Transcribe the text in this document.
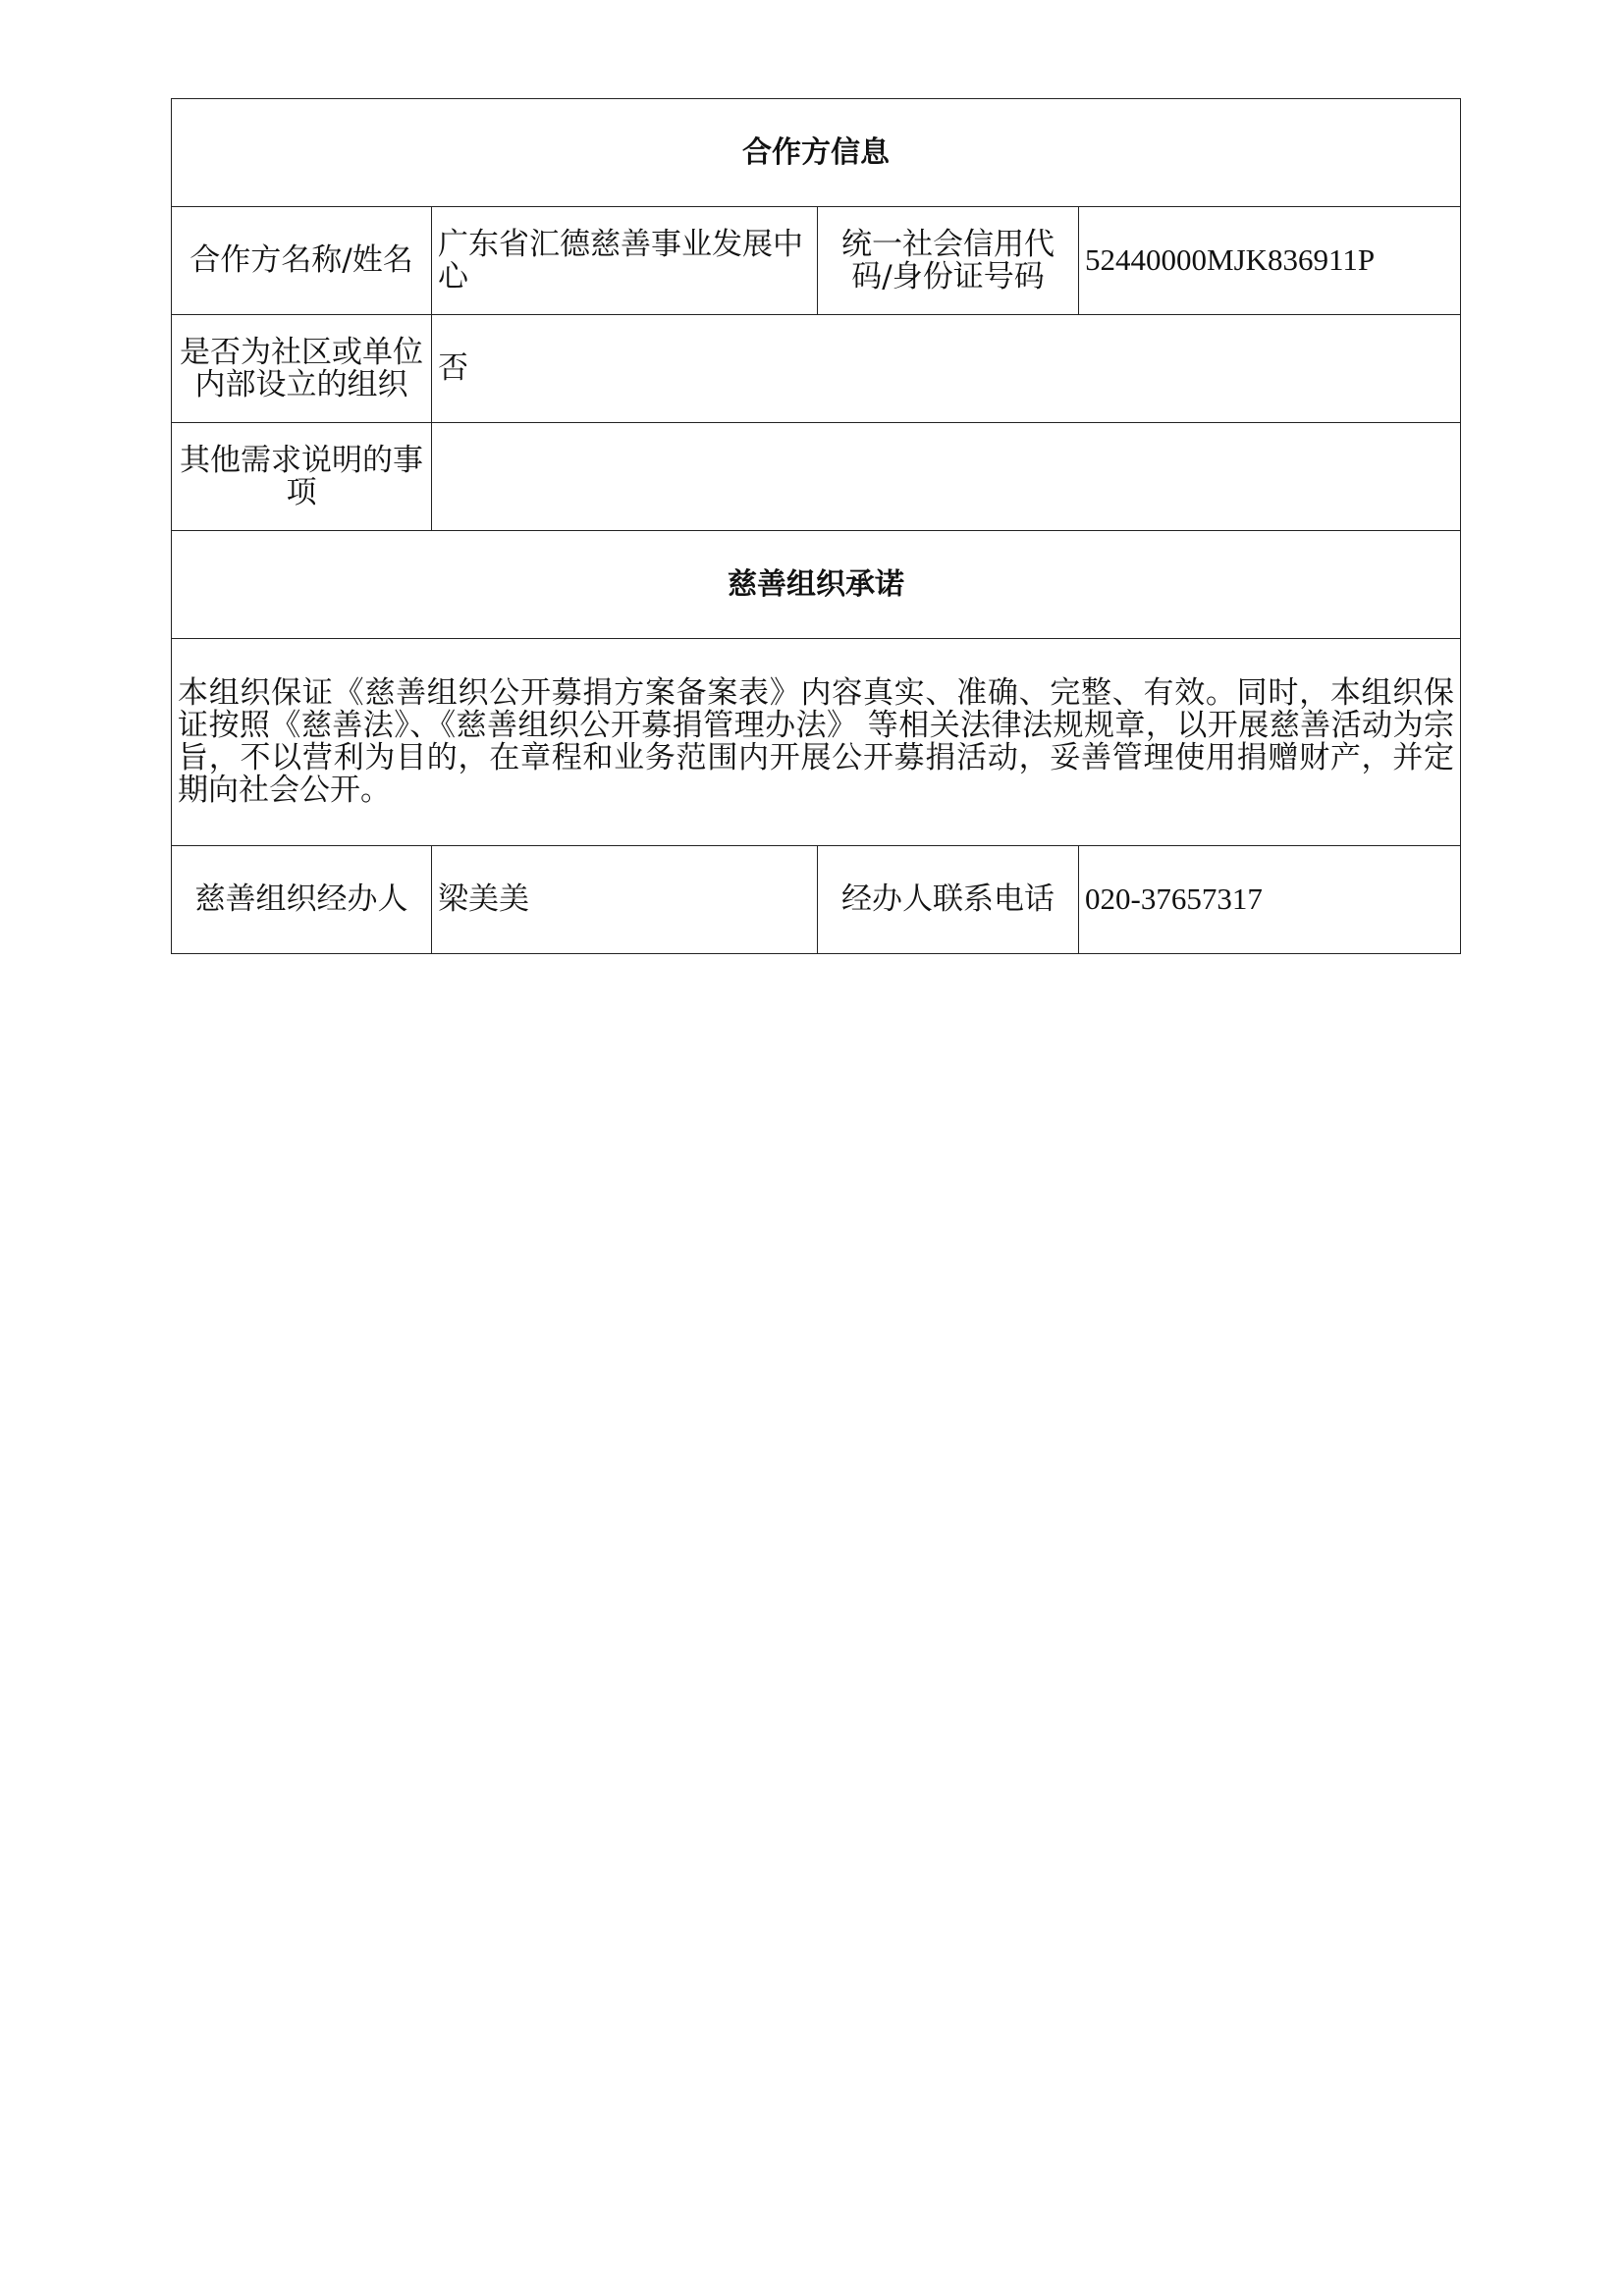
合作方信息			
合作方名称/姓名	广东省汇德慈善事业发展中心	统一社会信用代码/身份证号码	52440000MJK836911P
是否为社区或单位内部设立的组织	否		
其他需求说明的事项			
慈善组织承诺			
本组织保证《慈善组织公开募捐方案备案表》内容真实、准确、完整、有效。同时，本组织保证按照《慈善法》、《慈善组织公开募捐管理办法》 等相关法律法规规章，以开展慈善活动为宗旨，不以营利为目的，在章程和业务范围内开展公开募捐活动，妥善管理使用捐赠财产，并定期向社会公开。			
慈善组织经办人	梁美美	经办人联系电话	020-37657317
